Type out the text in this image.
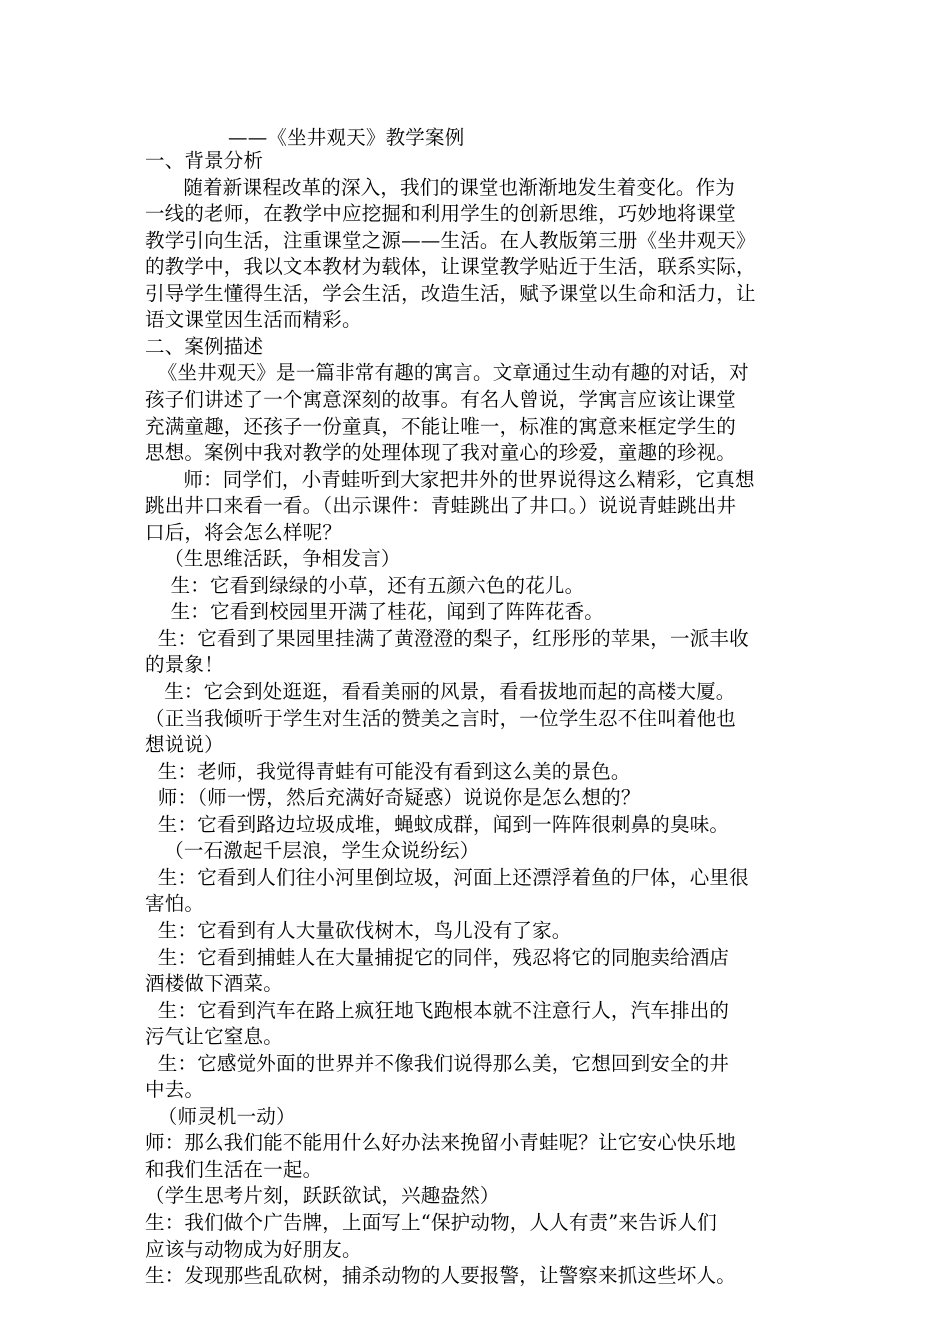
——《坐井观天》教学案例
一、背景分析
随着新课程改革的深入，我们的课堂也渐渐地发生着变化。作为
一线的老师，在教学中应挖掘和利用学生的创新思维，巧妙地将课堂
教学引向生活，注重课堂之源——生活。在人教版第三册《坐井观天》
的教学中，我以文本教材为载体，让课堂教学贴近于生活，联系实际，
引导学生懂得生活，学会生活，改造生活，赋予课堂以生命和活力，让
语文课堂因生活而精彩。
二、案例描述
《坐井观天》是一篇非常有趣的寓言。文章通过生动有趣的对话，对
孩子们讲述了一个寓意深刻的故事。有名人曾说，学寓言应该让课堂
充满童趣，还孩子一份童真，不能让唯一，标准的寓意来框定学生的
思想。案例中我对教学的处理体现了我对童心的珍爱，童趣的珍视。
师：同学们，小青蛙听到大家把井外的世界说得这么精彩，它真想
跳出井口来看一看。（出示课件：青蛙跳出了井口。）说说青蛙跳出井
口后，将会怎么样呢？
（生思维活跃，争相发言）
生：它看到绿绿的小草，还有五颜六色的花儿。
生：它看到校园里开满了桂花，闻到了阵阵花香。
生：它看到了果园里挂满了黄澄澄的梨子，红彤彤的苹果，一派丰收
的景象！
生：它会到处逛逛，看看美丽的风景，看看拔地而起的高楼大厦。
（正当我倾听于学生对生活的赞美之言时，一位学生忍不住叫着他也
想说说）
生：老师，我觉得青蛙有可能没有看到这么美的景色。
师：（师一愣，然后充满好奇疑惑）说说你是怎么想的？
生：它看到路边垃圾成堆，蝇蚊成群，闻到一阵阵很刺鼻的臭味。
（一石激起千层浪，学生众说纷纭）
生：它看到人们往小河里倒垃圾，河面上还漂浮着鱼的尸体，心里很
害怕。
生：它看到有人大量砍伐树木，鸟儿没有了家。
生：它看到捕蛙人在大量捕捉它的同伴，残忍将它的同胞卖给酒店
酒楼做下酒菜。
生：它看到汽车在路上疯狂地飞跑根本就不注意行人，汽车排出的
污气让它窒息。
生：它感觉外面的世界并不像我们说得那么美，它想回到安全的井
中去。
（师灵机一动）
师：那么我们能不能用什么好办法来挽留小青蛙呢？让它安心快乐地
和我们生活在一起。
（学生思考片刻，跃跃欲试，兴趣盎然）
生：我们做个广告牌，上面写上“保护动物，人人有责”来告诉人们
应该与动物成为好朋友。
生：发现那些乱砍树，捕杀动物的人要报警，让警察来抓这些坏人。
